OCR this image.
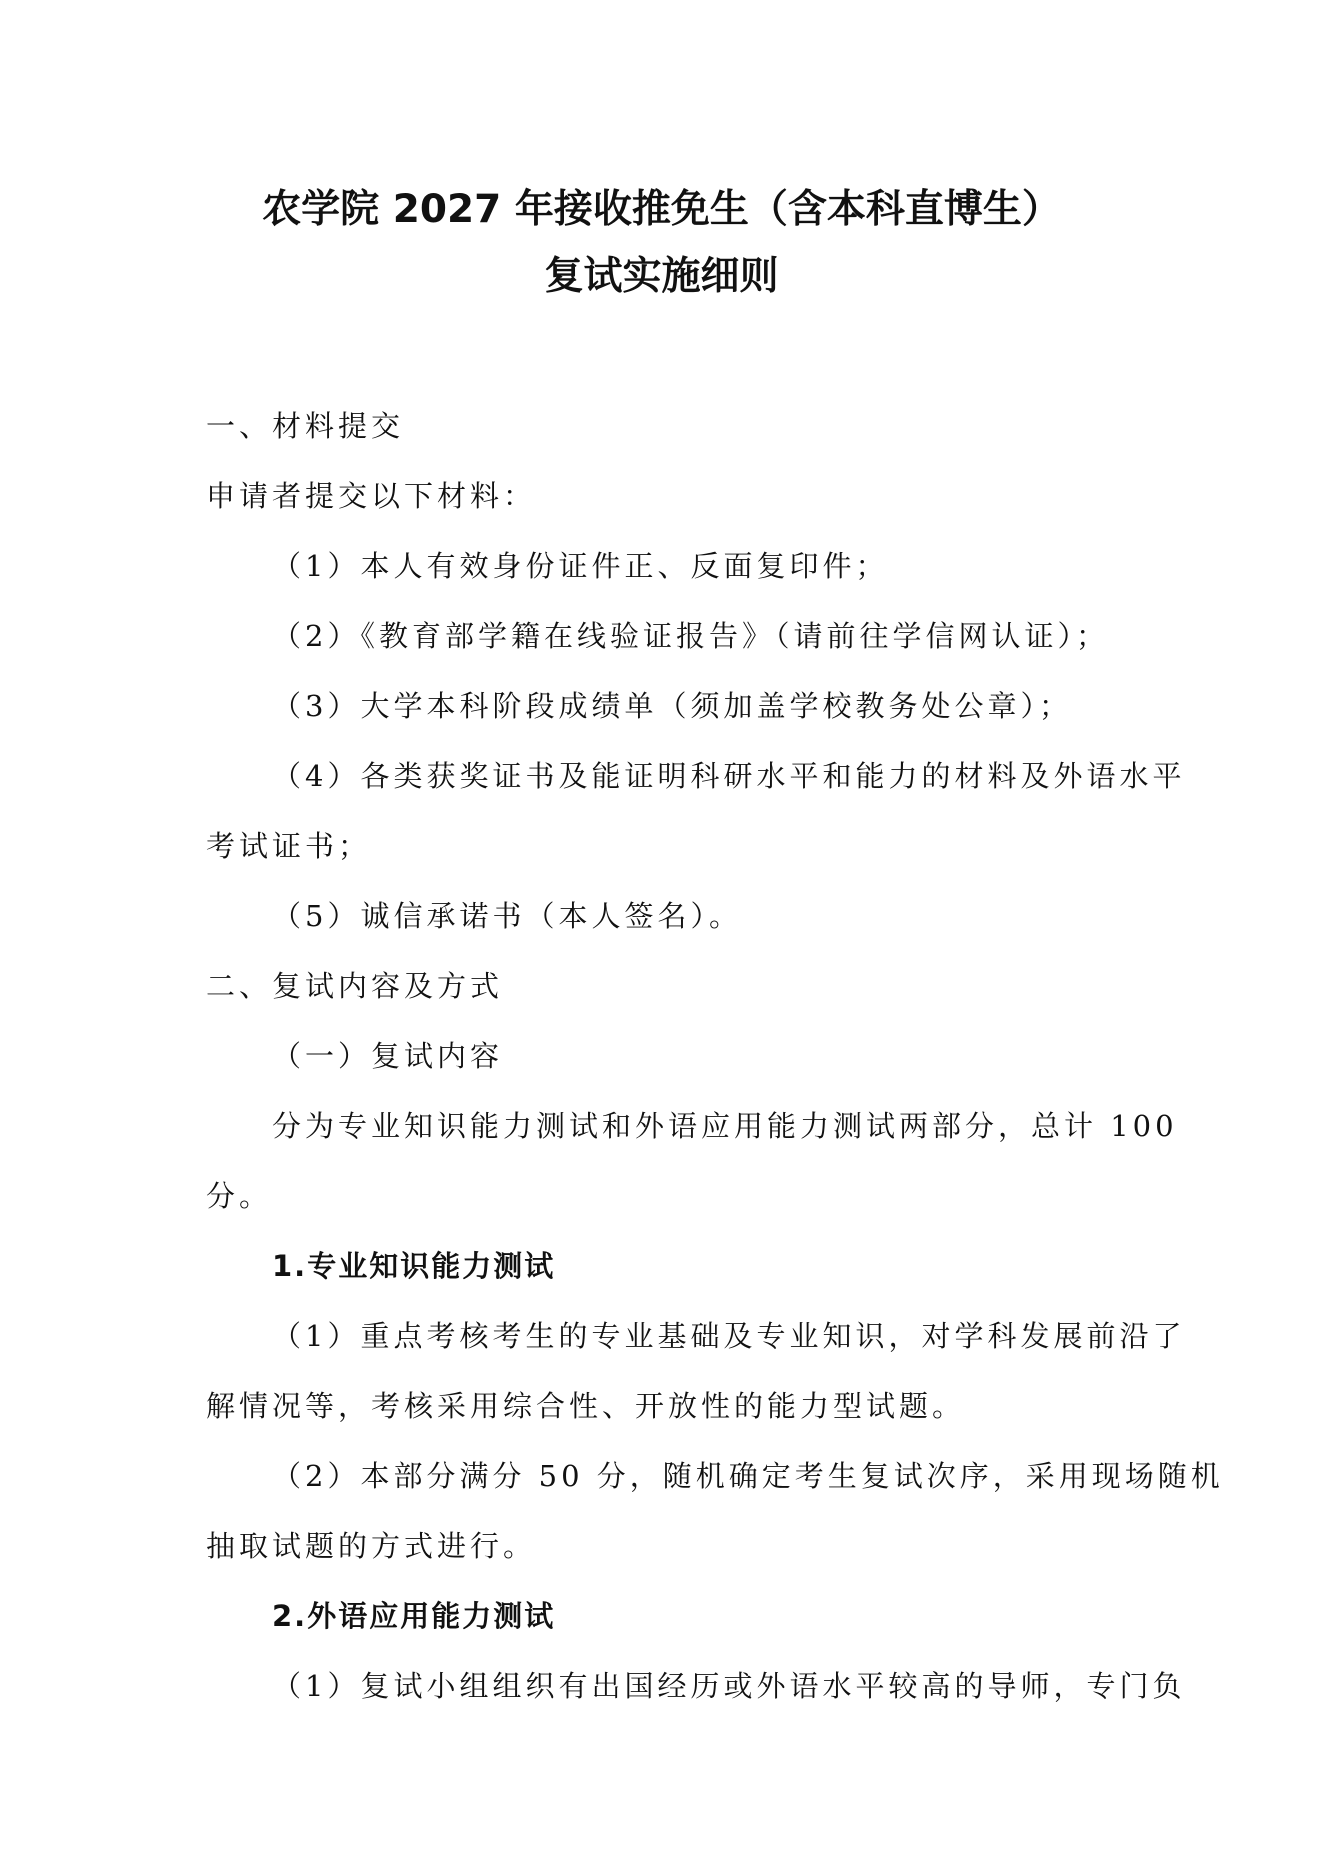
农学院 2027 年接收推免生（含本科直博生）
复试实施细则
一、材料提交
申请者提交以下材料：
（1）本人有效身份证件正、反面复印件；
（2）《教育部学籍在线验证报告》（请前往学信网认证）；
（3）大学本科阶段成绩单（须加盖学校教务处公章）；
（4）各类获奖证书及能证明科研水平和能力的材料及外语水平
考试证书；
（5）诚信承诺书（本人签名）。
二、复试内容及方式
（一）复试内容
分为专业知识能力测试和外语应用能力测试两部分，总计 100
分。
1.专业知识能力测试
（1）重点考核考生的专业基础及专业知识，对学科发展前沿了
解情况等，考核采用综合性、开放性的能力型试题。
（2）本部分满分 50 分，随机确定考生复试次序，采用现场随机
抽取试题的方式进行。
2.外语应用能力测试
（1）复试小组组织有出国经历或外语水平较高的导师，专门负
